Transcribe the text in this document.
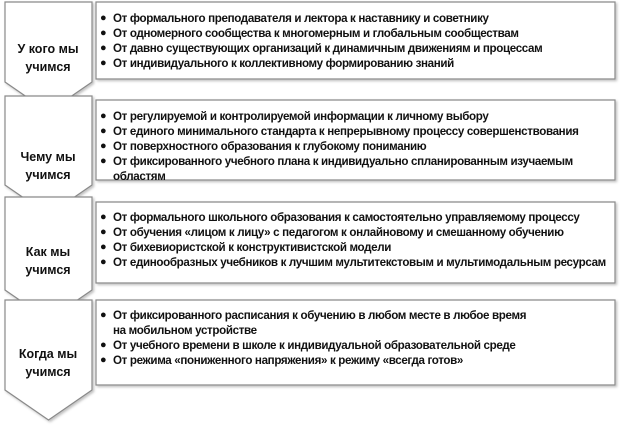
У кого мы
учимся
● От формального преподавателя и лектора к наставнику и советнику
● От одномерного сообщества к многомерным и глобальным сообществам
● От давно существующих организаций к динамичным движениям и процессам
● От индивидуального к коллективному формированию знаний
Чему мы
учимся
● От регулируемой и контролируемой информации к личному выбору
● От единого минимального стандарта к непрерывному процессу совершенствования
● От поверхностного образования к глубокому пониманию
● От фиксированного учебного плана к индивидуально спланированным изучаемым областям
Как мы
учимся
● От формального школьного образования к самостоятельно управляемому процессу
● От обучения «лицом к лицу» с педагогом к онлайновому и смешанному обучению
● От бихевиористской к конструктивистской модели
● От единообразных учебников к лучшим мультитекстовым и мультимодальным ресурсам
Когда мы
учимся
● От фиксированного расписания к обучению в любом месте в любое время
на мобильном устройстве
● От учебного времени в школе к индивидуальной образовательной среде
● От режима «пониженного напряжения» к режиму «всегда готов»
